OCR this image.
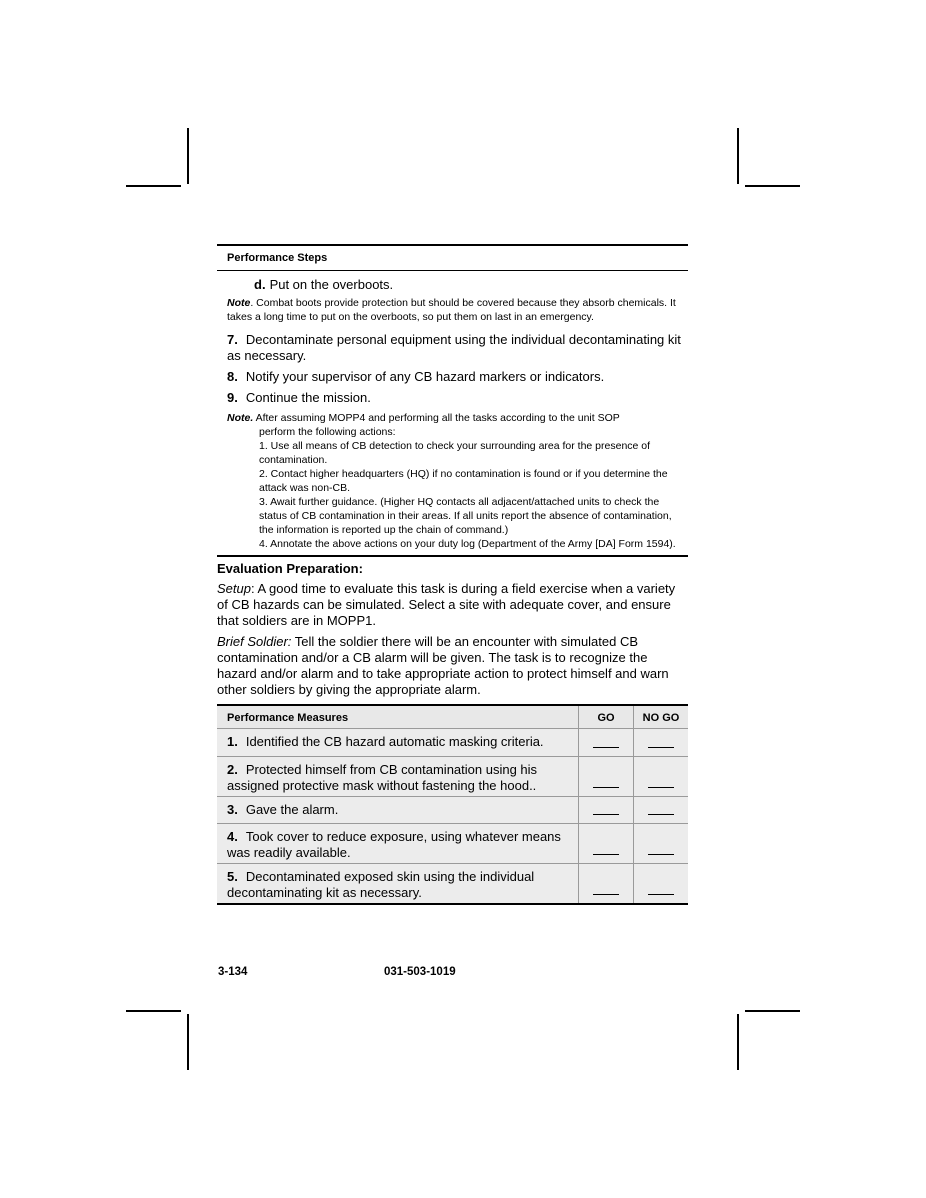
Performance Steps
d. Put on the overboots.
Note. Combat boots provide protection but should be covered because they absorb chemicals. It takes a long time to put on the overboots, so put them on last in an emergency.
7. Decontaminate personal equipment using the individual decontaminating kit as necessary.
8. Notify your supervisor of any CB hazard markers or indicators.
9. Continue the mission.
Note. After assuming MOPP4 and performing all the tasks according to the unit SOP
perform the following actions:
1. Use all means of CB detection to check your surrounding area for the presence of contamination.
2. Contact higher headquarters (HQ) if no contamination is found or if you determine the attack was non-CB.
3. Await further guidance. (Higher HQ contacts all adjacent/attached units to check the status of CB contamination in their areas. If all units report the absence of contamination, the information is reported up the chain of command.)
4. Annotate the above actions on your duty log (Department of the Army [DA] Form 1594).
Evaluation Preparation:
Setup: A good time to evaluate this task is during a field exercise when a variety of CB hazards can be simulated. Select a site with adequate cover, and ensure that soldiers are in MOPP1.
Brief Soldier: Tell the soldier there will be an encounter with simulated CB contamination and/or a CB alarm will be given. The task is to recognize the hazard and/or alarm and to take appropriate action to protect himself and warn other soldiers by giving the appropriate alarm.
Performance Measures	GO	NO GO
1. Identified the CB hazard automatic masking criteria.		
2. Protected himself from CB contamination using his assigned protective mask without fastening the hood..		
3. Gave the alarm.		
4. Took cover to reduce exposure, using whatever means was readily available.		
5. Decontaminated exposed skin using the individual decontaminating kit as necessary.		
3-134	031-503-1019
